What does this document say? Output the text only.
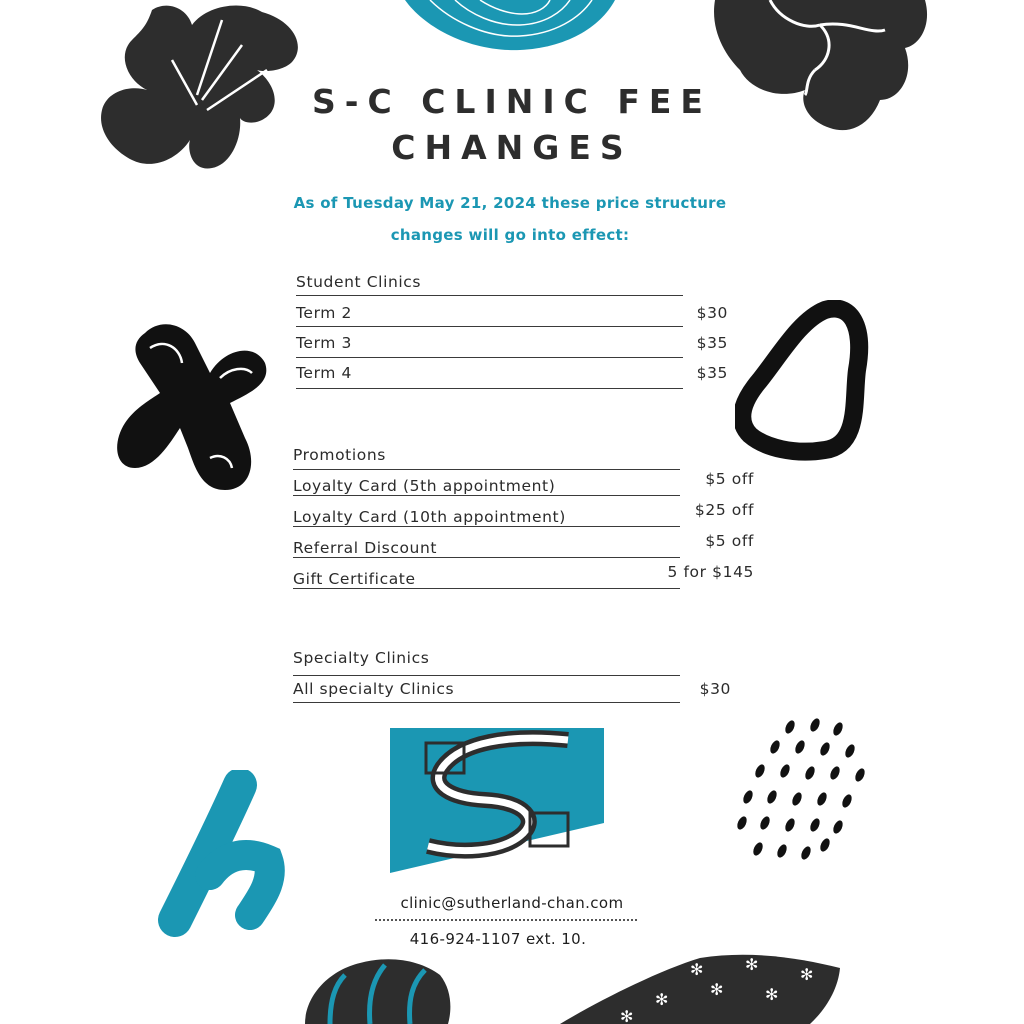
✻
✻	✻
✻	✻
✻
✻
S-C CLINIC FEE
CHANGES
As of Tuesday May 21, 2024 these price structure
changes will go into effect:
Student Clinics
Term 2	$30
Term 3	$35
Term 4	$35
Promotions
Loyalty Card (5th appointment)	$5 off
Loyalty Card (10th appointment)	$25 off
Referral Discount	$5 off
Gift Certificate	5 for $145
Specialty Clinics
All specialty Clinics	$30
clinic@sutherland-chan.com
416-924-1107 ext. 10.
